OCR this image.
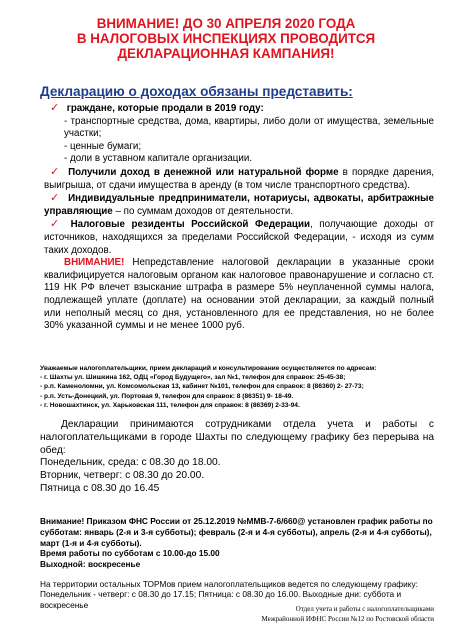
ВНИМАНИЕ! ДО 30 АПРЕЛЯ 2020 ГОДА
В НАЛОГОВЫХ ИНСПЕКЦИЯХ ПРОВОДИТСЯ
ДЕКЛАРАЦИОННАЯ КАМПАНИЯ!
Декларацию о доходах обязаны представить:

✓ граждане, которые продали в 2019 году:

- транспортные средства, дома, квартиры, либо доли от имущества, земельные участки;

- ценные бумаги;

- доли в уставном капитале организации.

✓ Получили доход в денежной или натуральной форме в порядке дарения, выигрыша, от сдачи имущества в аренду (в том числе транспортного средства).

✓ Индивидуальные предприниматели, нотариусы, адвокаты, арбитражные управляющие – по суммам доходов от деятельности.

✓ Налоговые резиденты Российской Федерации, получающие доходы от источников, находящихся за пределами Российской Федерации, - исходя из сумм таких доходов.

ВНИМАНИЕ! Непредставление налоговой декларации в указанные сроки квалифицируется налоговым органом как налоговое правонарушение и согласно ст. 119 НК РФ влечет взыскание штрафа в размере 5% неуплаченной суммы налога, подлежащей уплате (доплате) на основании этой декларации, за каждый полный или неполный месяц со дня, установленного для ее представления, но не более 30% указанной суммы и не менее 1000 руб.

Уважаемые налогоплательщики, прием деклараций и консультирование осуществляется по адресам:

- г. Шахты ул. Шишкина 162, ОДЦ «Город Будущего», зал №1, телефон для справок: 25-45-38;

- р.п. Каменоломни, ул. Комсомольская 13, кабинет №101, телефон для справок: 8 (86360) 2- 27-73;

- р.п. Усть-Донецкий, ул. Портовая 9, телефон для справок: 8 (86351) 9- 18-49.

- г. Новошахтинск, ул. Харьковская 111, телефон для справок: 8 (86369) 2-33-94.

Декларации принимаются сотрудниками отдела учета и работы с налогоплательщиками в городе Шахты по следующему графику без перерыва на обед:

Понедельник, среда: с 08.30 до 18.00.

Вторник, четверг: с 08.30 до 20.00.

Пятница с 08.30 до 16.45

Внимание! Приказом ФНС России от 25.12.2019 №ММВ-7-6/660@ установлен график работы по субботам: январь (2-я и 3-я субботы); февраль (2-я и 4-я субботы), апрель (2-я и 4-я субботы), март (1-я и 4-я субботы).

Время работы по субботам с 10.00-до 15.00

Выходной: воскресенье

На территории остальных ТОРМов прием налогоплательщиков ведется по следующему графику: Понедельник - четверг: с 08.30 до 17.15; Пятница: с 08.30 до 16.00. Выходные дни: суббота и воскресенье	Отдел учета и работы с налогоплательщиками

Межрайонной ИФНС России №12 по Ростовской области
